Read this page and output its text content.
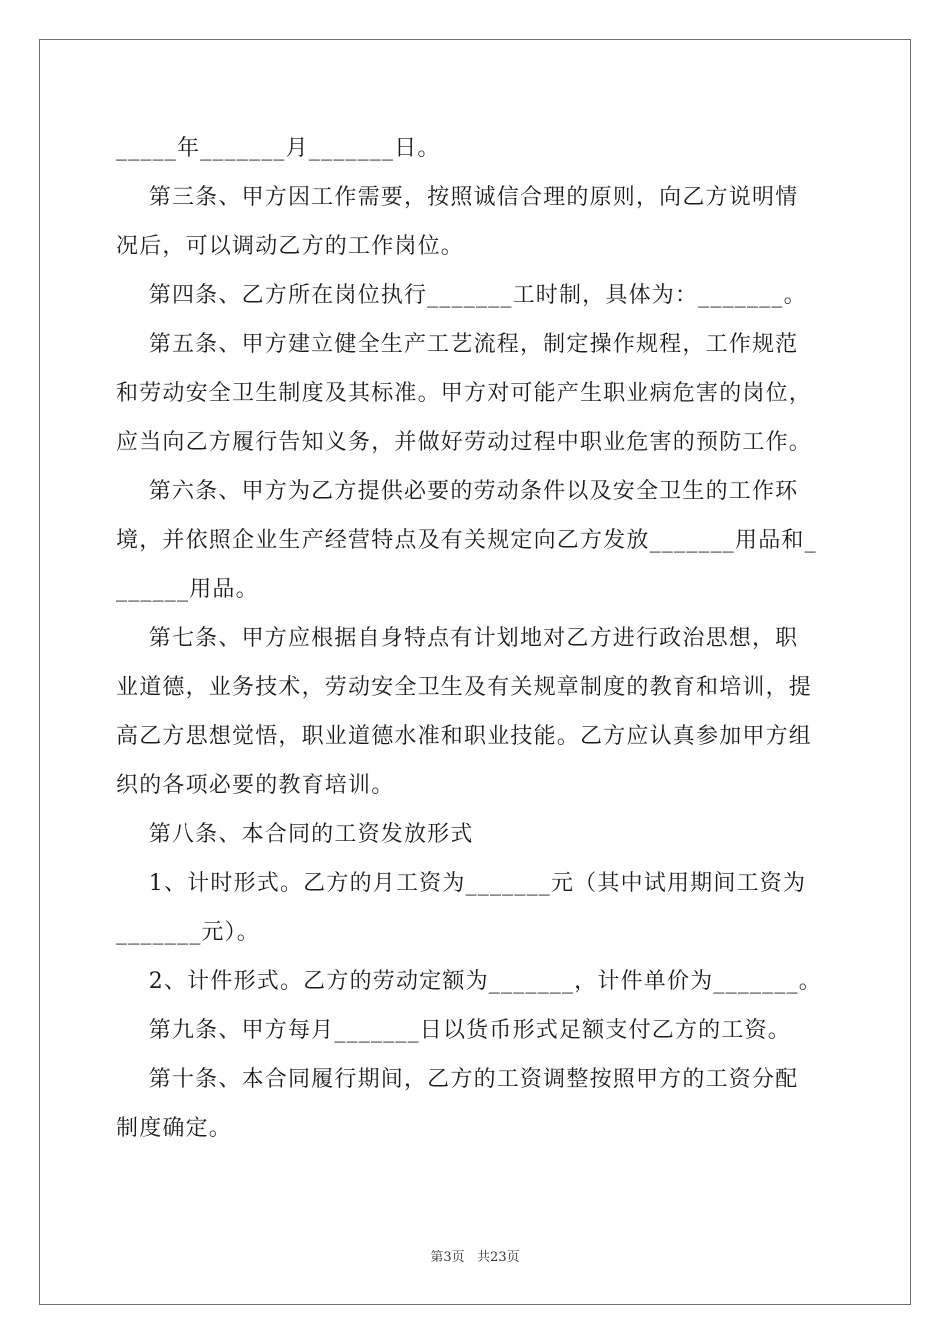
_____年_______月_______日。
第三条、甲方因工作需要，按照诚信合理的原则，向乙方说明情
况后，可以调动乙方的工作岗位。
第四条、乙方所在岗位执行_______工时制，具体为：_______。
第五条、甲方建立健全生产工艺流程，制定操作规程，工作规范
和劳动安全卫生制度及其标准。甲方对可能产生职业病危害的岗位，
应当向乙方履行告知义务，并做好劳动过程中职业危害的预防工作。
第六条、甲方为乙方提供必要的劳动条件以及安全卫生的工作环
境，并依照企业生产经营特点及有关规定向乙方发放_______用品和_
______用品。
第七条、甲方应根据自身特点有计划地对乙方进行政治思想，职
业道德，业务技术，劳动安全卫生及有关规章制度的教育和培训，提
高乙方思想觉悟，职业道德水准和职业技能。乙方应认真参加甲方组
织的各项必要的教育培训。
第八条、本合同的工资发放形式
1、计时形式。乙方的月工资为_______元（其中试用期间工资为
_______元）。
2、计件形式。乙方的劳动定额为_______，计件单价为_______。
第九条、甲方每月_______日以货币形式足额支付乙方的工资。
第十条、本合同履行期间，乙方的工资调整按照甲方的工资分配
制度确定。
第3页   共23页
